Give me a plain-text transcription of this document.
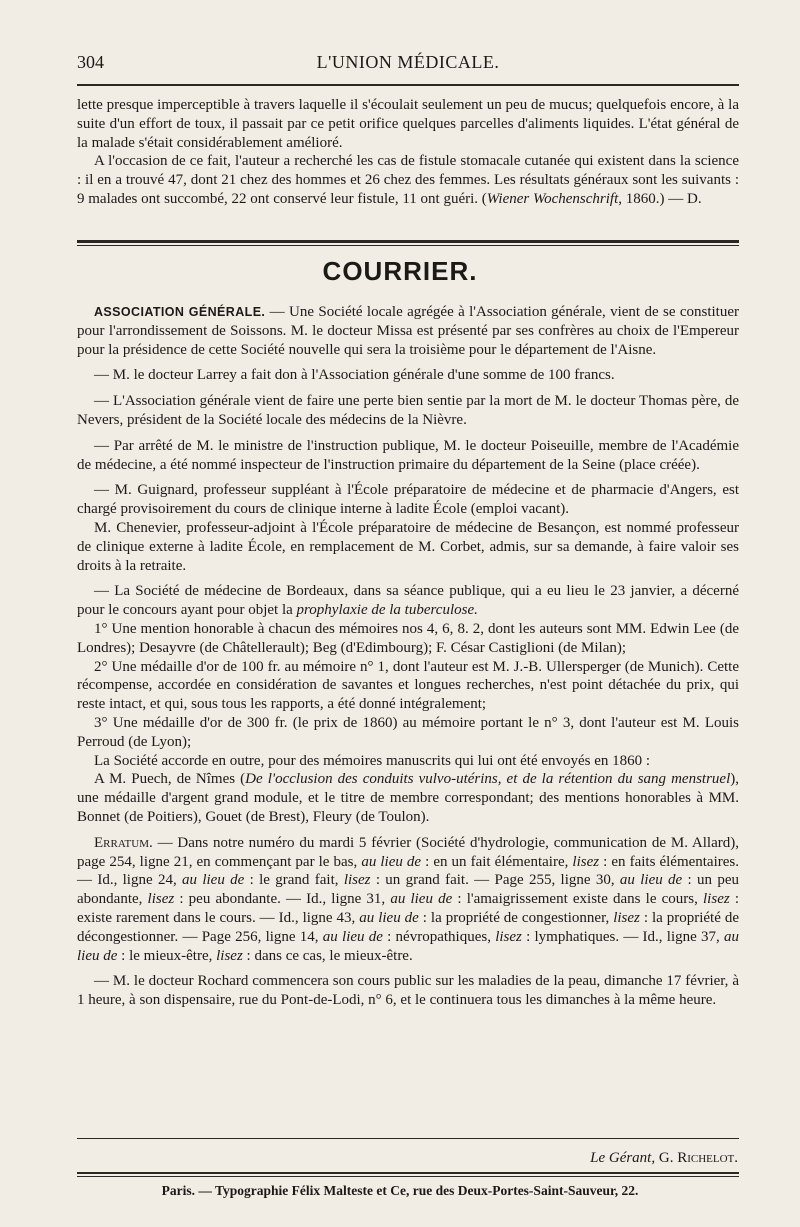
304	L'UNION MÉDICALE.

lette presque imperceptible à travers laquelle il s'écoulait seulement un peu de mucus; quelquefois encore, à la suite d'un effort de toux, il passait par ce petit orifice quelques parcelles d'aliments liquides. L'état général de la malade s'était considérablement amélioré.

A l'occasion de ce fait, l'auteur a recherché les cas de fistule stomacale cutanée qui existent dans la science : il en a trouvé 47, dont 21 chez des hommes et 26 chez des femmes. Les résultats généraux sont les suivants : 9 malades ont succombé, 22 ont conservé leur fistule, 11 ont guéri. (Wiener Wochenschrift, 1860.) — D.

COURRIER.

ASSOCIATION GÉNÉRALE. — Une Société locale agrégée à l'Association générale, vient de se constituer pour l'arrondissement de Soissons. M. le docteur Missa est présenté par ses confrères au choix de l'Empereur pour la présidence de cette Société nouvelle qui sera la troisième pour le département de l'Aisne.

— M. le docteur Larrey a fait don à l'Association générale d'une somme de 100 francs.

— L'Association générale vient de faire une perte bien sentie par la mort de M. le docteur Thomas père, de Nevers, président de la Société locale des médecins de la Nièvre.

— Par arrêté de M. le ministre de l'instruction publique, M. le docteur Poiseuille, membre de l'Académie de médecine, a été nommé inspecteur de l'instruction primaire du département de la Seine (place créée).

— M. Guignard, professeur suppléant à l'École préparatoire de médecine et de pharmacie d'Angers, est chargé provisoirement du cours de clinique interne à ladite École (emploi vacant).

M. Chenevier, professeur-adjoint à l'École préparatoire de médecine de Besançon, est nommé professeur de clinique externe à ladite École, en remplacement de M. Corbet, admis, sur sa demande, à faire valoir ses droits à la retraite.

— La Société de médecine de Bordeaux, dans sa séance publique, qui a eu lieu le 23 janvier, a décerné pour le concours ayant pour objet la prophylaxie de la tuberculose.

1° Une mention honorable à chacun des mémoires nos 4, 6, 8. 2, dont les auteurs sont MM. Edwin Lee (de Londres); Desayvre (de Châtellerault); Beg (d'Edimbourg); F. César Castiglioni (de Milan);

2° Une médaille d'or de 100 fr. au mémoire n° 1, dont l'auteur est M. J.-B. Ullersperger (de Munich). Cette récompense, accordée en considération de savantes et longues recherches, n'est point détachée du prix, qui reste intact, et qui, sous tous les rapports, a été donné intégralement;

3° Une médaille d'or de 300 fr. (le prix de 1860) au mémoire portant le n° 3, dont l'auteur est M. Louis Perroud (de Lyon);

La Société accorde en outre, pour des mémoires manuscrits qui lui ont été envoyés en 1860 :

A M. Puech, de Nîmes (De l'occlusion des conduits vulvo-utérins, et de la rétention du sang menstruel), une médaille d'argent grand module, et le titre de membre correspondant; des mentions honorables à MM. Bonnet (de Poitiers), Gouet (de Brest), Fleury (de Toulon).

Erratum. — Dans notre numéro du mardi 5 février (Société d'hydrologie, communication de M. Allard), page 254, ligne 21, en commençant par le bas, au lieu de : en un fait élémentaire, lisez : en faits élémentaires. — Id., ligne 24, au lieu de : le grand fait, lisez : un grand fait. — Page 255, ligne 30, au lieu de : un peu abondante, lisez : peu abondante. — Id., ligne 31, au lieu de : l'amaigrissement existe dans le cours, lisez : existe rarement dans le cours. — Id., ligne 43, au lieu de : la propriété de congestionner, lisez : la propriété de décongestionner. — Page 256, ligne 14, au lieu de : névropathiques, lisez : lymphatiques. — Id., ligne 37, au lieu de : le mieux-être, lisez : dans ce cas, le mieux-être.

— M. le docteur Rochard commencera son cours public sur les maladies de la peau, dimanche 17 février, à 1 heure, à son dispensaire, rue du Pont-de-Lodi, n° 6, et le continuera tous les dimanches à la même heure.

Le Gérant, G. Richelot.
Paris. — Typographie Félix Malteste et Ce, rue des Deux-Portes-Saint-Sauveur, 22.
